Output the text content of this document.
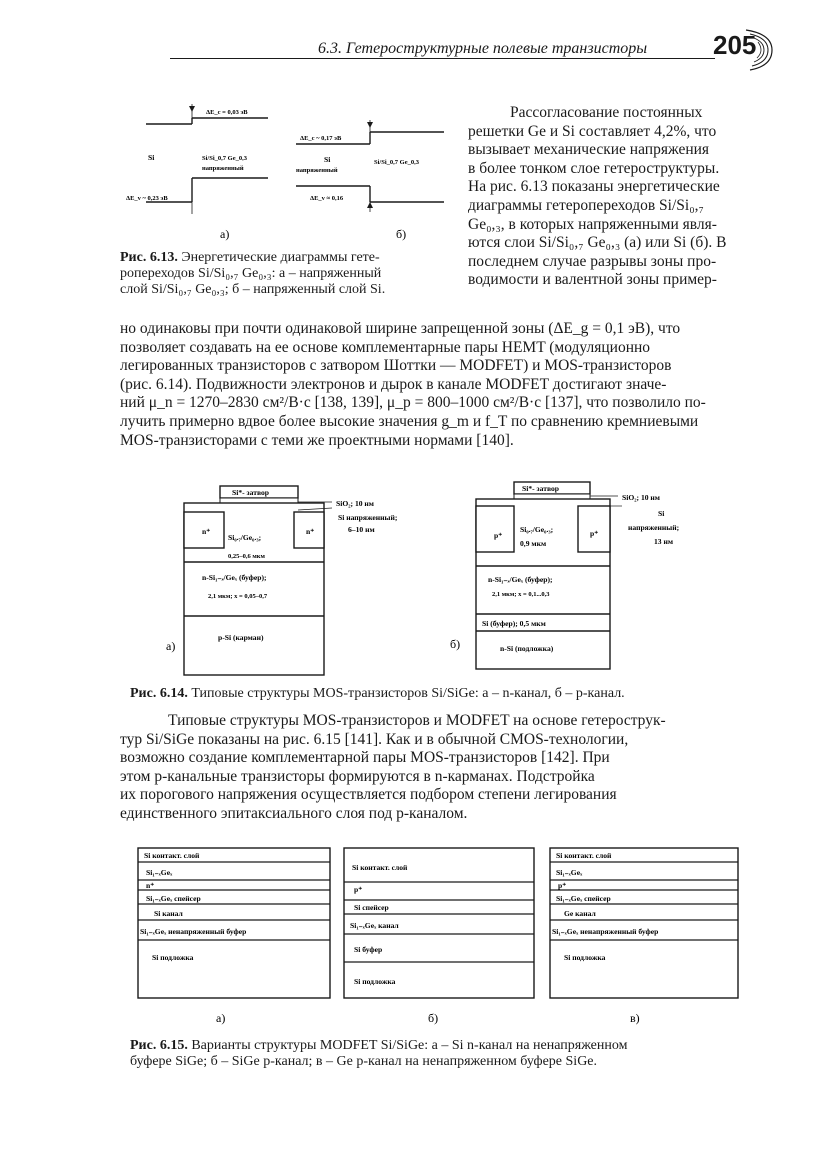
6.3. Гетероструктурные полевые транзисторы	205
ΔE_c = 0,03 эВ
Si	Si/Si_0,7 Ge_0,3
напряженный
ΔE_v ~ 0,23 эВ
а)
ΔE_c ~ 0,17 эВ
Si
напряженный
Si/Si_0,7 Ge_0,3
ΔE_v ≈ 0,16
б)
Рис. 6.13. Энергетические диаграммы гете-
ропереходов Si/Si₀,₇ Ge₀,₃: а – напряженный
слой Si/Si₀,₇ Ge₀,₃; б – напряженный слой Si.
Рассогласование постоянных
решетки Ge и Si составляет 4,2%, что
вызывает механические напряжения
в более тонком слое гетероструктуры.
На рис. 6.13 показаны энергетические
диаграммы гетеропереходов Si/Si₀,₇
Ge₀,₃, в которых напряженными явля-
ются слои Si/Si₀,₇ Ge₀,₃ (а) или Si (б). В
последнем случае разрывы зоны про-
водимости и валентной зоны пример-
но одинаковы при почти одинаковой ширине запрещенной зоны (ΔE_g = 0,1 эВ), что
позволяет создавать на ее основе комплементарные пары HEMT (модуляционно
легированных транзисторов с затвором Шоттки — MODFET) и MOS-транзисторов
(рис. 6.14). Подвижности электронов и дырок в канале MODFET достигают значе-
ний μ_n = 1270–2830 см²/В·с [138, 139], μ_p = 800–1000 см²/В·с [137], что позволило по-
лучить примерно вдвое более высокие значения g_m и f_T по сравнению кремниевыми
MOS-транзисторами с теми же проектными нормами [140].
Si*- затвор
n⁺	n⁺
Si₀.₇/Ge₀.₃;
0,25–0,6 мкм
n-Si₁₋ₓ/Geₓ (буфер);
2,1 мкм; x = 0,05–0,7
p-Si (карман)
SiO₂; 10 нм
Si напряженный;
6–10 нм
а)
Si*- затвор
p⁺	p⁺
Si₀.₇/Ge₀.₃;
0,9 мкм
n-Si₁₋ₓ/Geₓ (буфер);
2,1 мкм; x = 0,1...0,3
Si (буфер); 0,5 мкм
n-Si (подложка)
SiO₂; 10 нм
Si
напряженный;
13 нм
б)
Рис. 6.14. Типовые структуры MOS-транзисторов Si/SiGe: а – n-канал, б – p-канал.
Типовые структуры MOS-транзисторов и MODFET на основе гетерострук-
тур Si/SiGe показаны на рис. 6.15 [141]. Как и в обычной CMOS-технологии,
возможно создание комплементарной пары MOS-транзисторов [142]. При
этом p-канальные транзисторы формируются в n-карманах. Подстройка
их порогового напряжения осуществляется подбором степени легирования
единственного эпитаксиального слоя под p-каналом.
Si контакт. слой
Si₁₋ₓGeₓ
n⁺
Si₁₋ₓGeₓ спейсер
Si канал
Si₁₋ₓGeₓ ненапряженный буфер
Si подложка
а)
Si контакт. слой
p⁺
Si спейсер
Si₁₋ₓGeₓ канал
Si буфер
Si подложка
б)
Si контакт. слой
Si₁₋ₓGeₓ
p⁺
Si₁₋ₓGeₓ спейсер
Ge канал
Si₁₋ₓGeₓ ненапряженный буфер
Si подложка
в)
Рис. 6.15. Варианты структуры MODFET Si/SiGe: а – Si n-канал на ненапряженном
буфере SiGe; б – SiGe p-канал; в – Ge p-канал на ненапряженном буфере SiGe.
